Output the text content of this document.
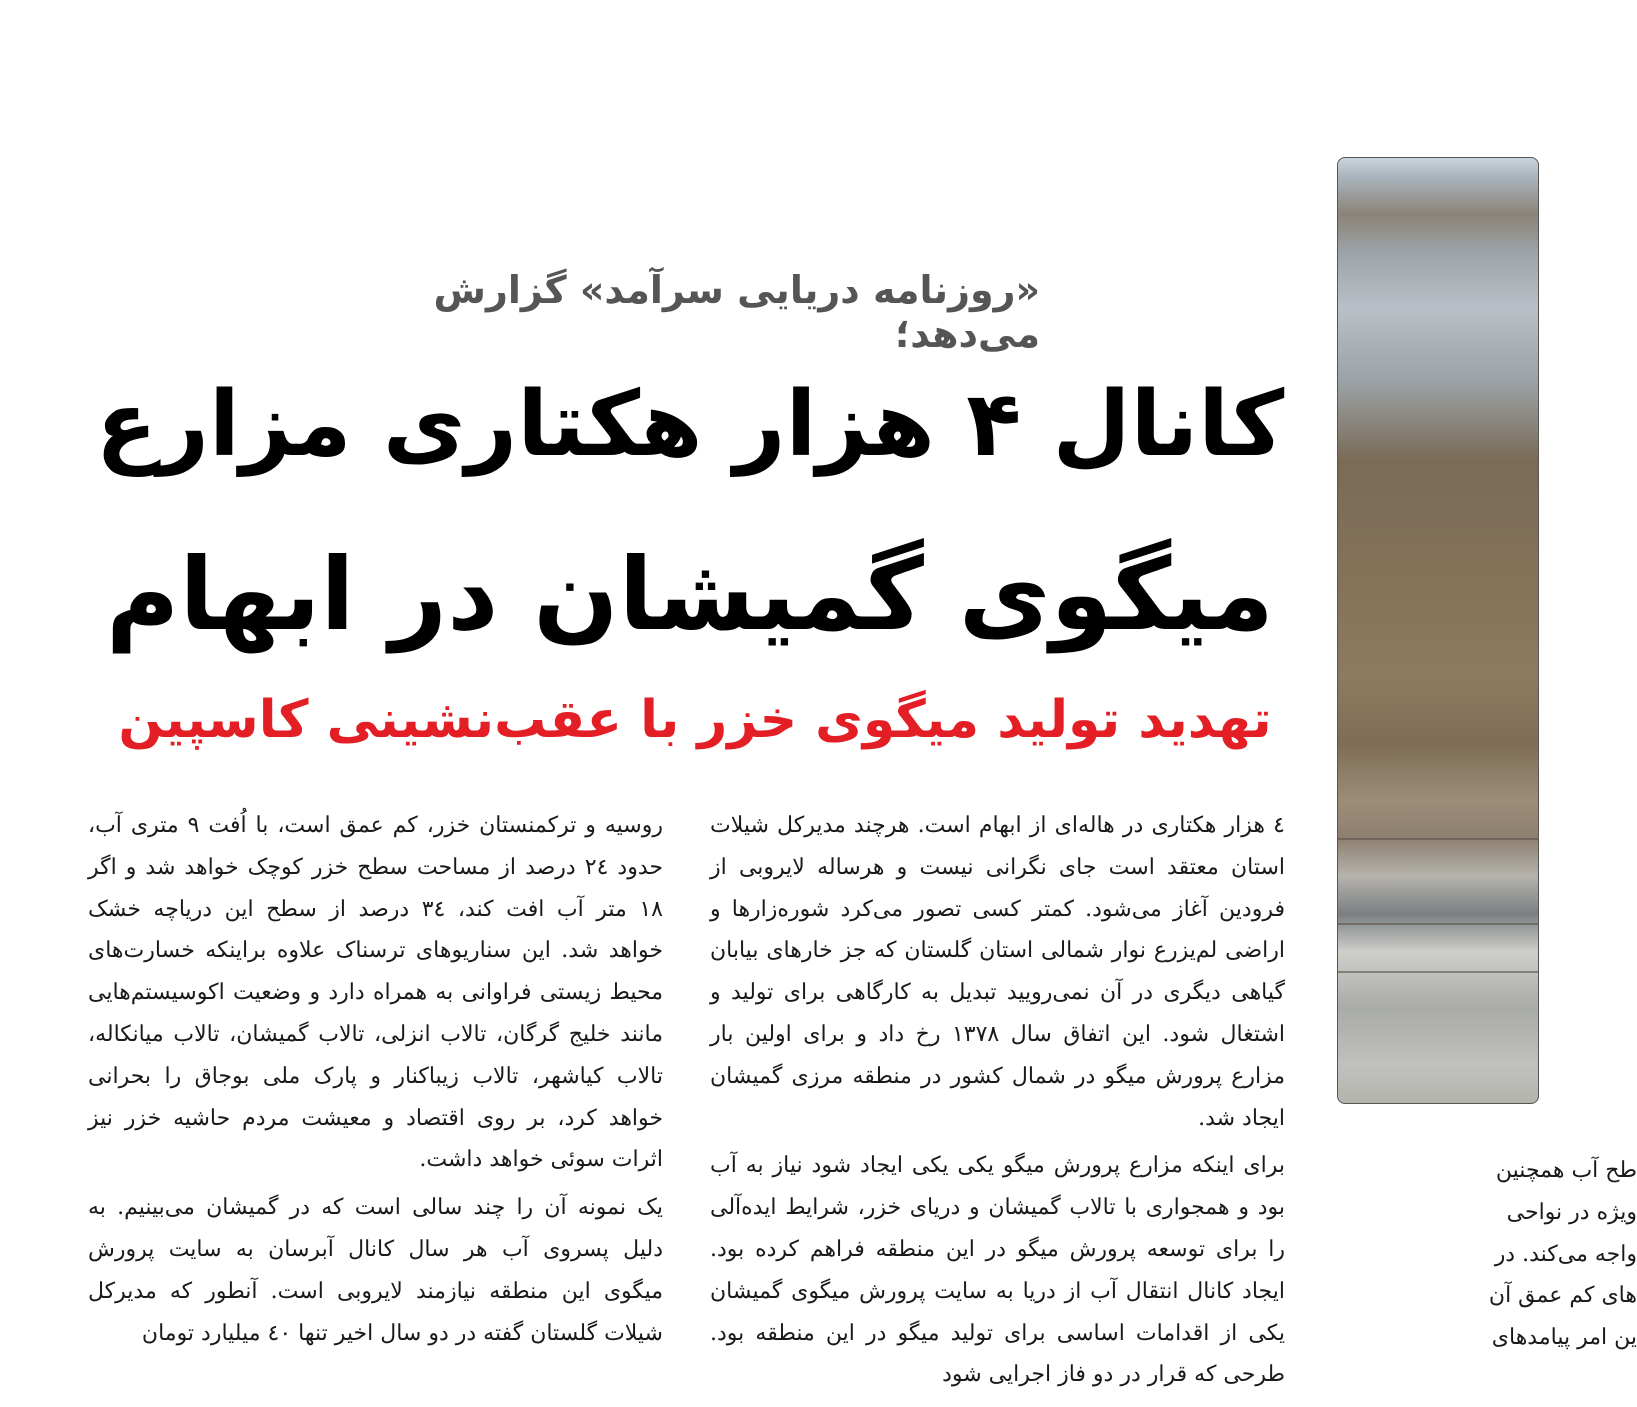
«روزنامه دریایی سرآمد» گزارش می‌دهد؛
کانال ۴ هزار هکتاری مزارع
میگوی گمیشان در ابهام
تهدید تولید میگوی خزر با عقب‌نشینی کاسپین

٤ هزار هکتاری در هاله‌ای از ابهام است. هرچند مدیرکل شیلات استان معتقد است جای نگرانی نیست و هرساله لایروبی از فرودین آغاز می‌شود. کمتر کسی تصور می‌کرد شوره‌زارها و اراضی لم‌یزرع نوار شمالی استان گلستان که جز خارهای بیابان گیاهی دیگری در آن نمی‌رویید تبدیل به کارگاهی برای تولید و اشتغال شود. این اتفاق سال ۱۳۷۸ رخ داد و برای اولین بار مزارع پرورش میگو در شمال کشور در منطقه مرزی گمیشان ایجاد شد.

برای اینکه مزارع پرورش میگو یکی یکی ایجاد شود نیاز به آب بود و همجواری با تالاب گمیشان و دریای خزر، شرایط ایده‌آلی را برای توسعه پرورش میگو در این منطقه فراهم کرده بود. ایجاد کانال انتقال آب از دریا به سایت پرورش میگوی گمیشان یکی از اقدامات اساسی برای تولید میگو در این منطقه بود. طرحی که قرار در دو فاز اجرایی شود

روسیه و ترکمنستان خزر، کم عمق است، با اُفت ۹ متری آب، حدود ٢٤ درصد از مساحت سطح خزر کوچک خواهد شد و اگر ۱۸ متر آب افت کند، ٣٤ درصد از سطح این دریاچه خشک خواهد شد. این سناریوهای ترسناک علاوه براینکه خسارت‌های محیط زیستی فراوانی به همراه دارد و وضعیت اکوسیستم‌هایی مانند خلیج گرگان، تالاب انزلی، تالاب گمیشان، تالاب میانکاله، تالاب کیاشهر، تالاب زیباکنار و پارک ملی بوجاق را بحرانی خواهد کرد، بر روی اقتصاد و معیشت مردم حاشیه خزر نیز اثرات سوئی خواهد داشت.

یک نمونه آن را چند سالی است که در گمیشان می‌بینیم. به دلیل پسروی آب هر سال کانال آبرسان به سایت پرورش میگوی این منطقه نیازمند لایروبی است. آنطور که مدیرکل شیلات گلستان گفته در دو سال اخیر تنها ٤٠ میلیارد تومان

طح آب همچنین
ویژه در نواحی
واجه می‌کند. در
های کم عمق آن
ین امر پیامدهای
